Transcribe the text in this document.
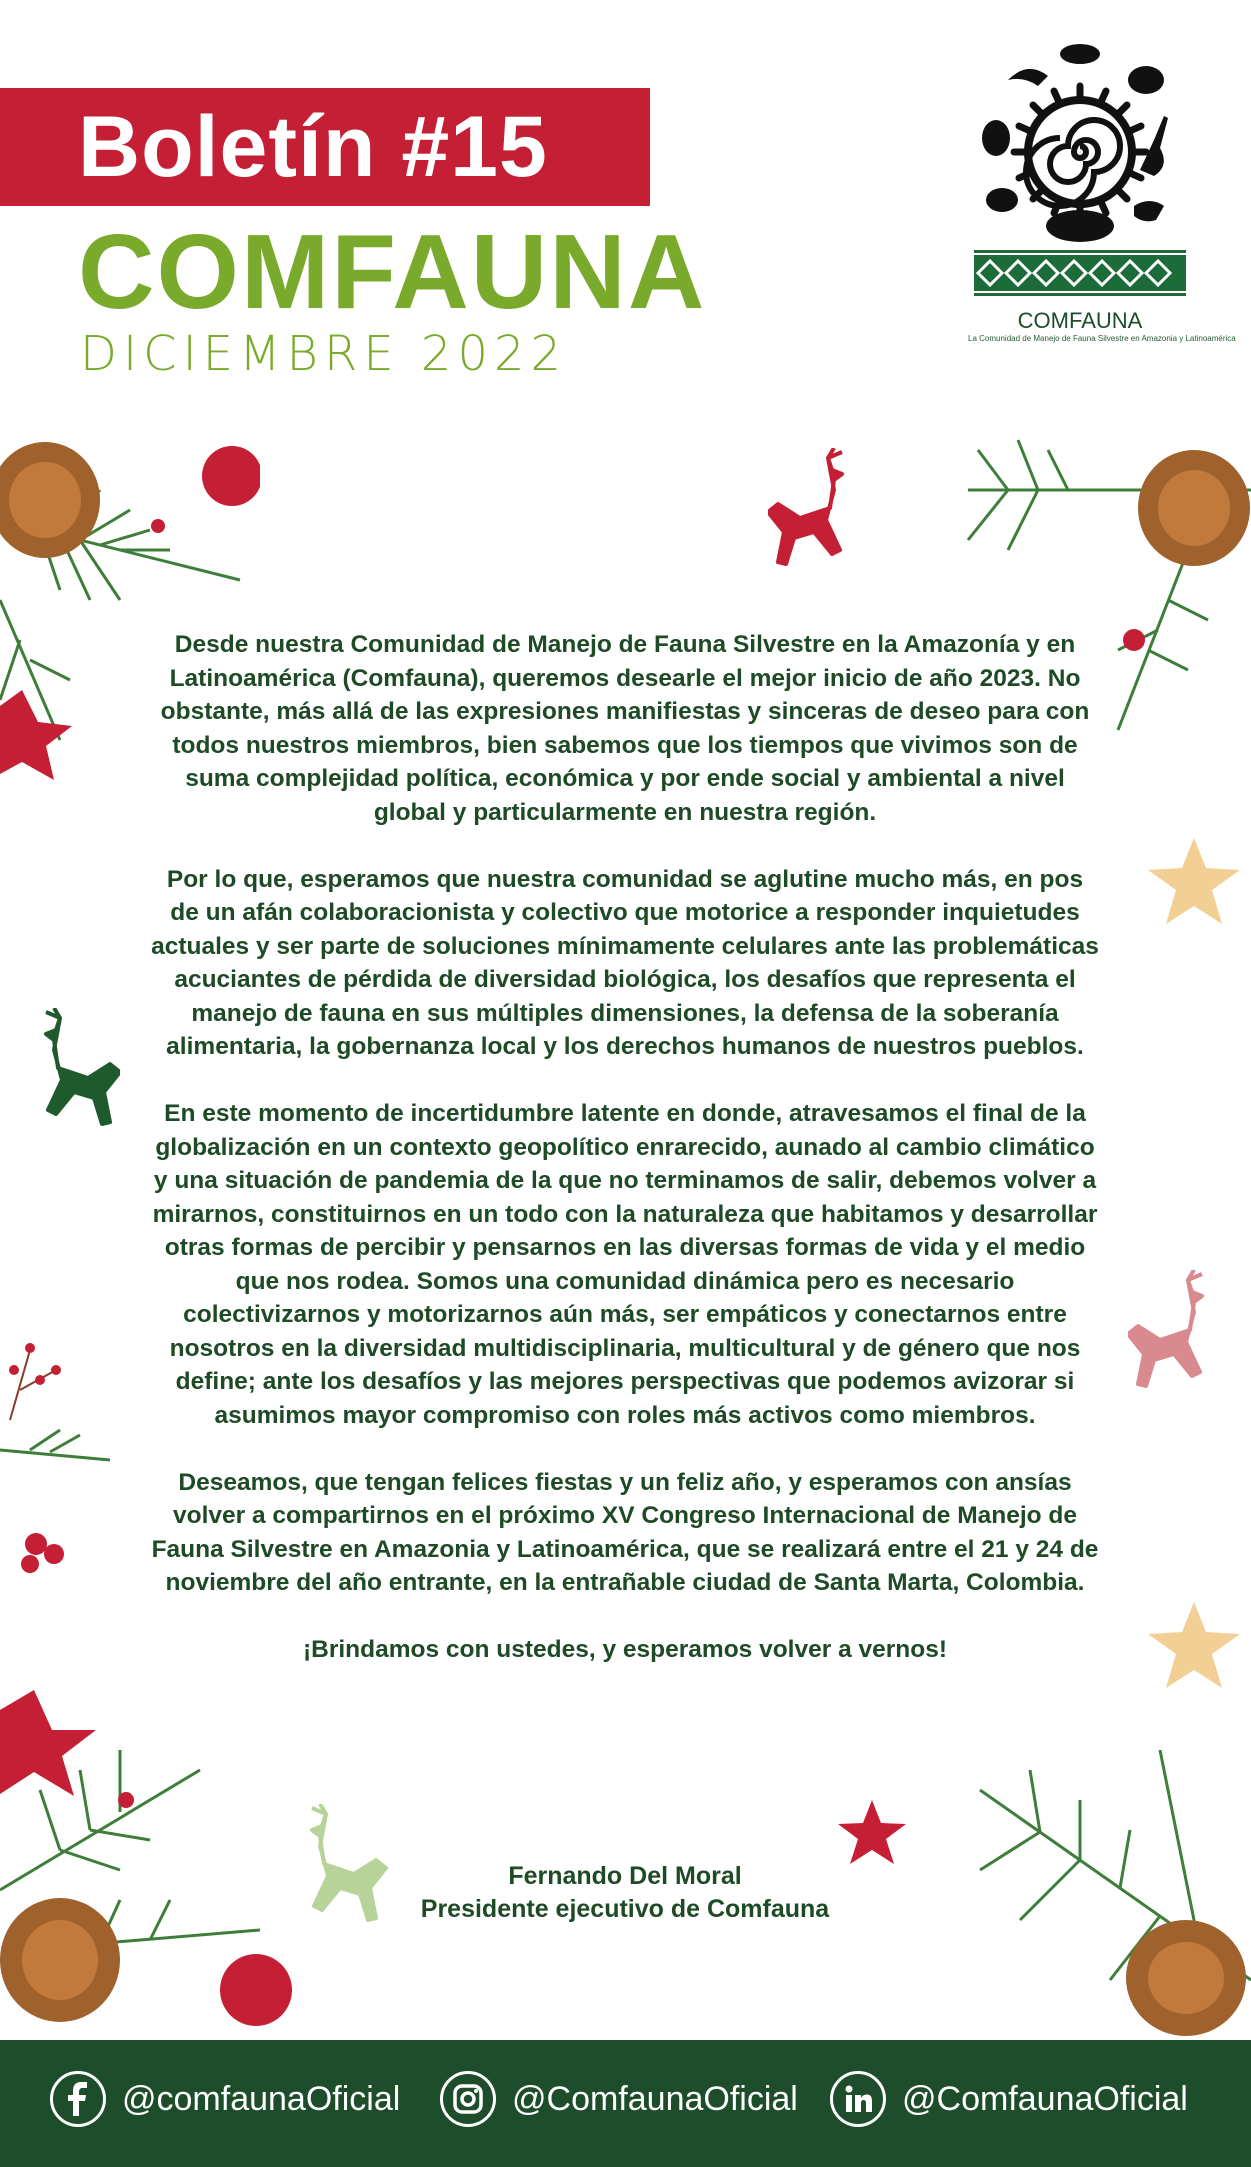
Boletín #15
COMFAUNA
DICIEMBRE 2022
COMFAUNA
La Comunidad de Manejo de Fauna Silvestre en Amazonia y Latinoamérica

Desde nuestra Comunidad de Manejo de Fauna Silvestre en la Amazonía y en Latinoamérica (Comfauna), queremos desearle el mejor inicio de año 2023. No obstante, más allá de las expresiones manifiestas y sinceras de deseo para con todos nuestros miembros, bien sabemos que los tiempos que vivimos son de suma complejidad política, económica y por ende social y ambiental a nivel global y particularmente en nuestra región.

Por lo que, esperamos que nuestra comunidad se aglutine mucho más, en pos de un afán colaboracionista y colectivo que motorice a responder inquietudes actuales y ser parte de soluciones mínimamente celulares ante las problemáticas acuciantes de pérdida de diversidad biológica, los desafíos que representa el manejo de fauna en sus múltiples dimensiones, la defensa de la soberanía alimentaria, la gobernanza local y los derechos humanos de nuestros pueblos.

En este momento de incertidumbre latente en donde, atravesamos el final de la globalización en un contexto geopolítico enrarecido, aunado al cambio climático y una situación de pandemia de la que no terminamos de salir, debemos volver a mirarnos, constituirnos en un todo con la naturaleza que habitamos y desarrollar otras formas de percibir y pensarnos en las diversas formas de vida y el medio que nos rodea. Somos una comunidad dinámica pero es necesario colectivizarnos y motorizarnos aún más, ser empáticos y conectarnos entre nosotros en la diversidad multidisciplinaria, multicultural y de género que nos define; ante los desafíos y las mejores perspectivas que podemos avizorar si asumimos mayor compromiso con roles más activos como miembros.

Deseamos, que tengan felices fiestas y un feliz año, y esperamos con ansías volver a compartirnos en el próximo XV Congreso Internacional de Manejo de Fauna Silvestre en Amazonia y Latinoamérica, que se realizará entre el 21 y 24 de noviembre del año entrante, en la entrañable ciudad de Santa Marta, Colombia.

¡Brindamos con ustedes, y esperamos volver a vernos!

Fernando Del Moral
Presidente ejecutivo de Comfauna
@comfaunaOficial	@ComfaunaOficial	@ComfaunaOficial
